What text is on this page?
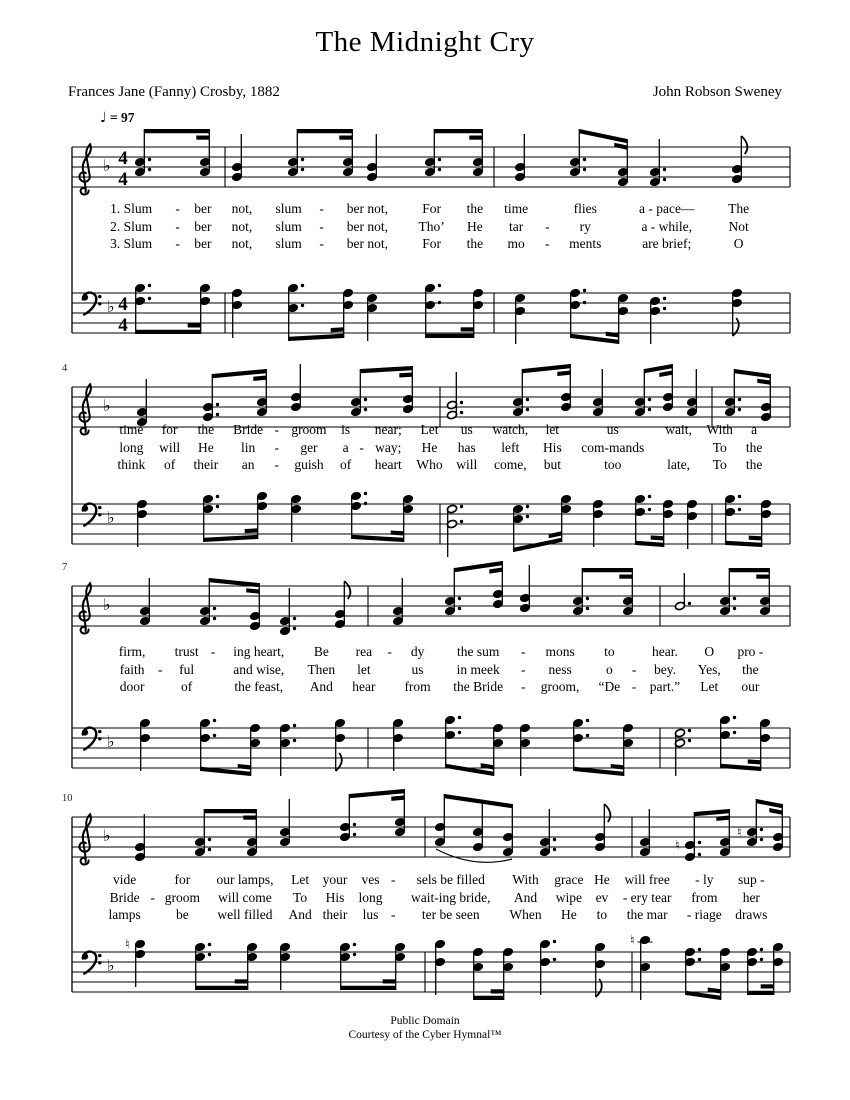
The Midnight Cry
Frances Jane (Fanny) Crosby, 1882	John Robson Sweney
♩ = 97
♭ 4
4
♭ 4
4
♭
♭
♭
♭
♭
♮
♮
♭
♮	♮
Public Domain
Courtesy of the Cyber Hymnal™
1. Slum	-	ber	not,	slum	-	ber not,	For	the	time		flies	a - pace—	The
2. Slum	-	ber	not,	slum	-	ber not,	Tho’	He	tar	-	ry	a - while,	Not
3. Slum	-	ber	not,	slum	-	ber not,	For	the	mo	-	ments	are brief;	O
4
time	for	the	Bride	-	groom	is		near;	Let	us	watch,	let	us	wait,	With	a
long	will	He	lin	-	ger	a	-	way;	He	has	left	His	com-mands		To	the
think	of	their	an	-	guish	of		heart	Who	will	come,	but	too	late,	To	the
7
firm,		trust	-	ing heart,	Be	rea	-	dy	the sum	-	mons	to		hear.	O	pro -
faith	-	ful		and wise,	Then	let		us	in meek	-	ness	o	-	bey.	Yes,	the
door		of		the feast,	And	hear		from	the Bride	-	groom,	“De	-	part.”	Let	our
10
vide		for	our lamps,	Let	your	ves	-	sels be filled	With	grace	He	will free	- ly	sup -
Bride	-	groom	will come	To	His	long		wait-ing bride,	And	wipe	ev	- ery tear	from	her
lamps		be	well filled	And	their	lus	-	ter be seen	When	He	to	the mar	- riage	draws
